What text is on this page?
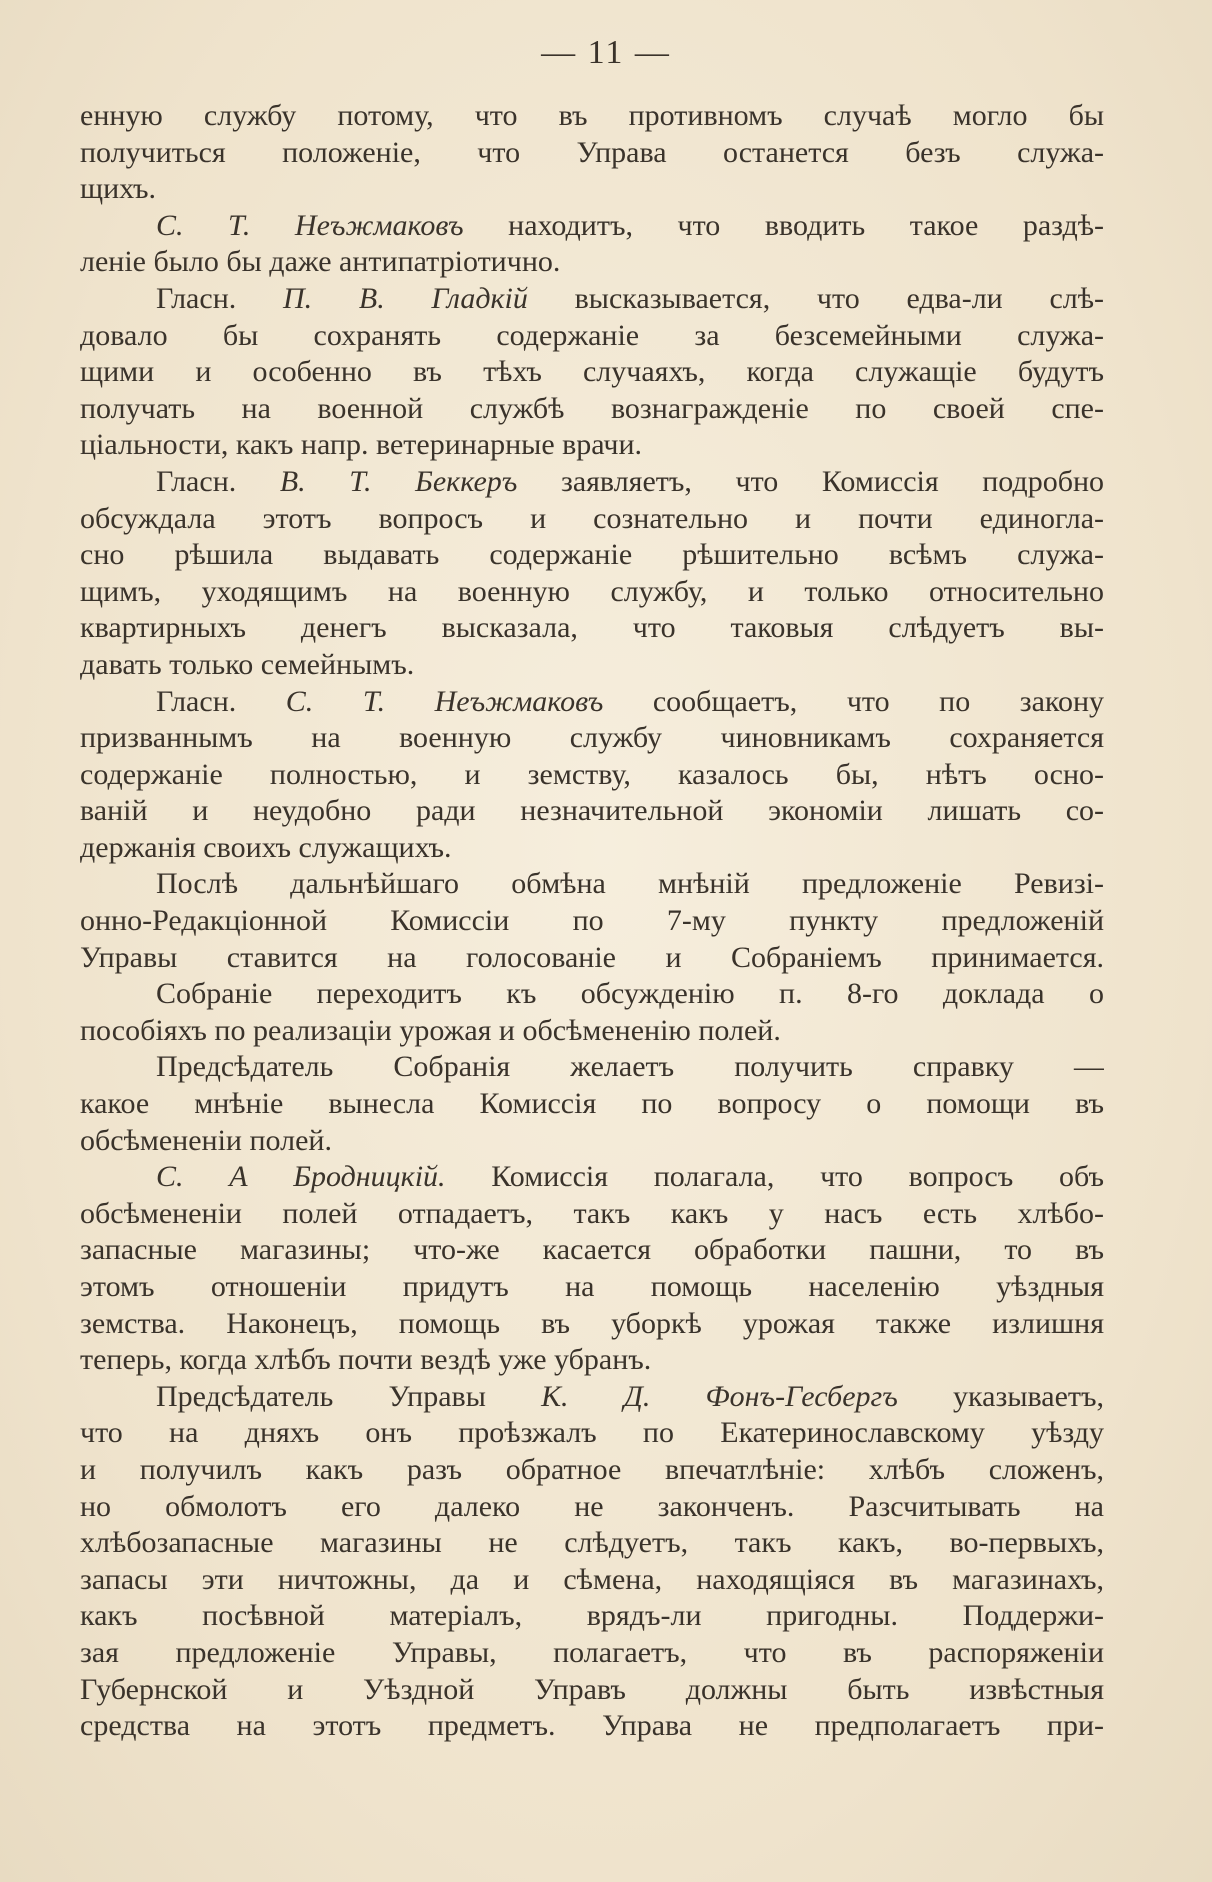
— 11 —
енную службу потому, что въ противномъ случаѣ могло бы
получиться положеніе, что Управа останется безъ служа-
щихъ.
С. Т. Неъжмаковъ находитъ, что вводить такое раздѣ-
леніе было бы даже антипатріотично.
Гласн. П. В. Гладкій высказывается, что едва-ли слѣ-
довало бы сохранять содержаніе за безсемейными служа-
щими и особенно въ тѣхъ случаяхъ, когда служащіе будутъ
получать на военной службѣ вознагражденіе по своей спе-
ціальности, какъ напр. ветеринарные врачи.
Гласн. В. Т. Беккеръ заявляетъ, что Комиссія подробно
обсуждала этотъ вопросъ и сознательно и почти единогла-
сно рѣшила выдавать содержаніе рѣшительно всѣмъ служа-
щимъ, уходящимъ на военную службу, и только относительно
квартирныхъ денегъ высказала, что таковыя слѣдуетъ вы-
давать только семейнымъ.
Гласн. С. Т. Неъжмаковъ сообщаетъ, что по закону
призваннымъ на военную службу чиновникамъ сохраняется
содержаніе полностью, и земству, казалось бы, нѣтъ осно-
ваній и неудобно ради незначительной экономіи лишать со-
держанія своихъ служащихъ.
Послѣ дальнѣйшаго обмѣна мнѣній предложеніе Ревизі-
онно-Редакціонной Комиссіи по 7-му пункту предложеній
Управы ставится на голосованіе и Собраніемъ принимается.
Собраніе переходитъ къ обсужденію п. 8-го доклада о
пособіяхъ по реализаціи урожая и обсѣмененію полей.
Предсѣдатель Собранія желаетъ получить справку —
какое мнѣніе вынесла Комиссія по вопросу о помощи въ
обсѣмененіи полей.
С. А Бродницкій. Комиссія полагала, что вопросъ объ
обсѣмененіи полей отпадаетъ, такъ какъ у насъ есть хлѣбо-
запасные магазины; что-же касается обработки пашни, то въ
этомъ отношеніи придутъ на помощь населенію уѣздныя
земства. Наконецъ, помощь въ уборкѣ урожая также излишня
теперь, когда хлѣбъ почти вездѣ уже убранъ.
Предсѣдатель Управы К. Д. Фонъ-Гесбергъ указываетъ,
что на дняхъ онъ проѣзжалъ по Екатеринославскому уѣзду
и получилъ какъ разъ обратное впечатлѣніе: хлѣбъ сложенъ,
но обмолотъ его далеко не законченъ. Разсчитывать на
хлѣбозапасные магазины не слѣдуетъ, такъ какъ, во-первыхъ,
запасы эти ничтожны, да и сѣмена, находящіяся въ магазинахъ,
какъ посѣвной матеріалъ, врядъ-ли пригодны. Поддержи-
зая предложеніе Управы, полагаетъ, что въ распоряженіи
Губернской и Уѣздной Управъ должны быть извѣстныя
средства на этотъ предметъ. Управа не предполагаетъ при-
